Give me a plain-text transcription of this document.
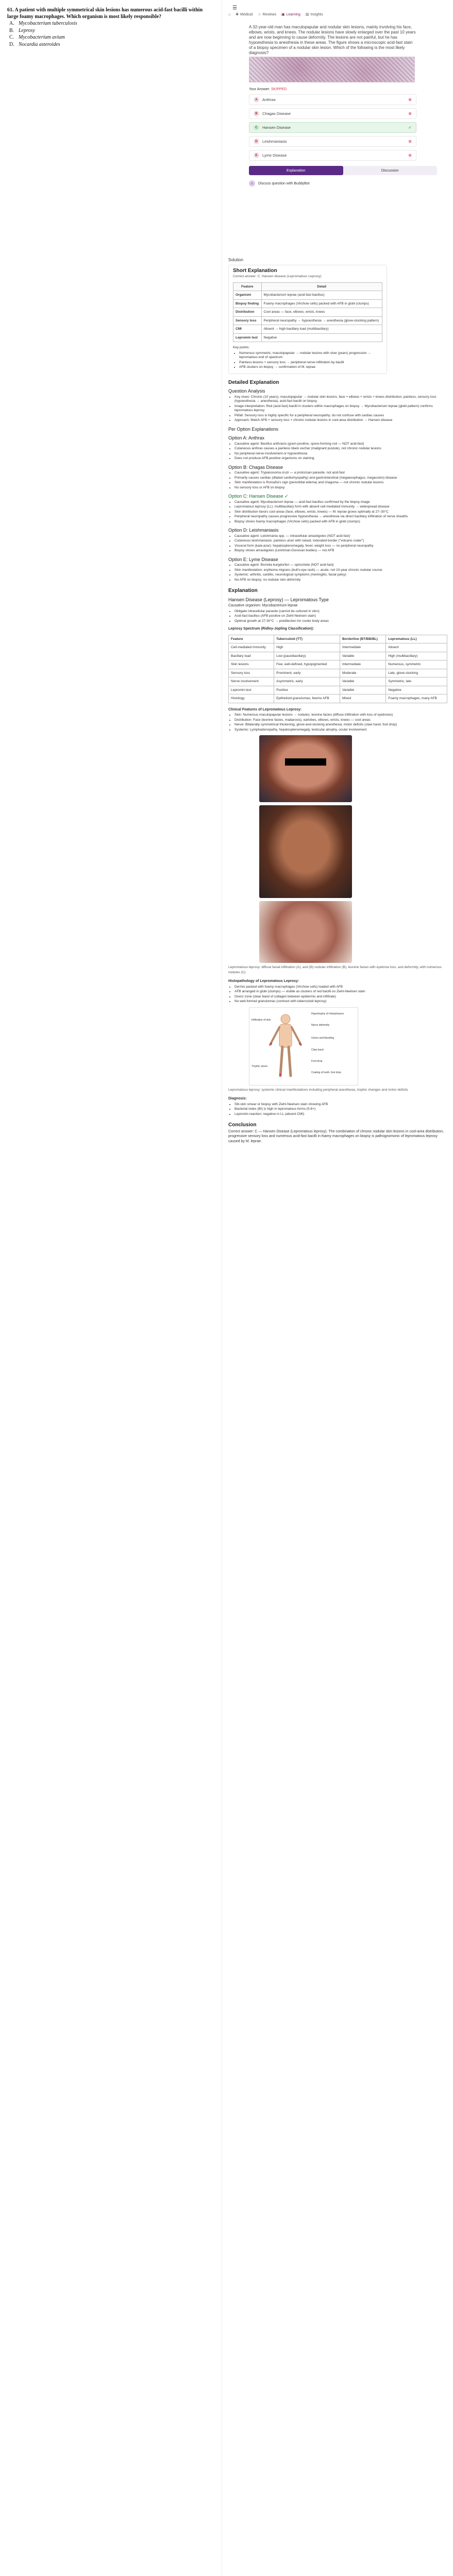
61. A patient with multiple symmetrical skin lesions has numerous acid-fast bacilli within large foamy macrophages. Which organism is most likely responsible?
A. Mycobacterium tuberculosis
B. Leprosy
C. Mycobacterium avium
D. Nocardia asteroides
☰
⌂ ✚ Medical ☆ Reviews ▣ Learning ▤ Insights
A 32-year-old man has maculopapular and nodular skin lesions, mainly involving his face, elbows, wrists, and knees. The nodular lesions have slowly enlarged over the past 10 years and are now beginning to cause deformity. The lesions are not painful, but he has hypoesthesia to anesthesia in these areas. The figure shows a microscopic acid-fast stain of a biopsy specimen of a nodular skin lesion. Which of the following is the most likely diagnosis?
Your Answer: SKIPPED
A	Anthrax	⊗
B	Chagas Disease	⊗
C	Hansen Disease	✓
D	Leishmaniasis	⊗
E	Lyme Disease	⊗
Explanation	Discussion
☺	Discuss question with BuddyBot
Solution
Short Explanation
Correct answer: C. Hansen disease (Lepromatous Leprosy)
Feature	Detail
Organism	Mycobacterium leprae (acid-fast bacillus)
Biopsy finding	Foamy macrophages (Virchow cells) packed with AFB in globi (clumps)
Distribution	Cool areas — face, elbows, wrists, knees
Sensory loss	Peripheral neuropathy → hypoesthesia → anesthesia (glove-stocking pattern)
CMI	Absent → high bacillary load (multibacillary)
Lepromin test	Negative
Key points:
• Numerous symmetric, maculopapular → nodular lesions with slow (years) progression → lepromatous end of spectrum
• Painless lesions + sensory loss → peripheral nerve infiltration by bacilli
• AFB clusters on biopsy → confirmation of M. leprae
Detailed Explanation
Question Analysis
• Key clues: Chronic (10 years), maculopapular → nodular skin lesions, face + elbows + wrists + knees distribution, painless, sensory loss (hypoesthesia → anesthesia), acid-fast bacilli on biopsy
• Image interpretation: Red (acid-fast) bacilli in clusters within macrophages on biopsy → Mycobacterium leprae (globi pattern) confirms lepromatous leprosy
• Pitfall: Sensory loss is highly specific for a peripheral neuropathy; do not confuse with cardiac causes
• Approach: Match AFB + sensory loss + chronic nodular lesions in cool-area distribution → Hansen disease
Per Option Explanations
Option A: Anthrax
• Causative agent: Bacillus anthracis (gram-positive, spore-forming rod — NOT acid-fast)
• Cutaneous anthrax causes a painless black eschar (malignant pustule), not chronic nodular lesions
• No peripheral nerve involvement or hypoesthesia
• Does not produce AFB-positive organisms on staining
Option B: Chagas Disease
• Causative agent: Trypanosoma cruzi — a protozoan parasite, not acid-fast
• Primarily causes cardiac (dilated cardiomyopathy) and gastrointestinal (megaesophagus, megacolon) disease
• Skin manifestation is Romaña's sign (periorbital edema) and chagoma — not chronic nodular lesions
• No sensory loss or AFB on biopsy
Option C: Hansen Disease ✓
• Causative agent: Mycobacterium leprae — acid-fast bacillus confirmed by the biopsy image
• Lepromatous leprosy (LL): multibacillary form with absent cell-mediated immunity → widespread disease
• Skin distribution favors cool areas (face, elbows, wrists, knees) — M. leprae grows optimally at 27–30°C
• Peripheral neuropathy causes progressive hypoesthesia → anesthesia via direct bacillary infiltration of nerve sheaths
• Biopsy shows foamy macrophages (Virchow cells) packed with AFB in globi (clumps)
Option D: Leishmaniasis
• Causative agent: Leishmania spp. — intracellular amastigotes (NOT acid-fast)
• Cutaneous leishmaniasis: painless ulcer with raised, indurated border ("volcano crater")
• Visceral form (kala-azar): hepatosplenomegaly, fever, weight loss — no peripheral neuropathy
• Biopsy shows amastigotes (Leishman-Donovan bodies) — not AFB
Option E: Lyme Disease
• Causative agent: Borrelia burgdorferi — spirochete (NOT acid-fast)
• Skin manifestation: erythema migrans (bull's-eye rash) — acute, not 10-year chronic nodular course
• Systemic: arthritis, carditis, neurological symptoms (meningitis, facial palsy)
• No AFB on biopsy; no nodular skin deformity
Explanation
Hansen Disease (Leprosy) — Lepromatous Type
Causative organism: Mycobacterium leprae
• Obligate intracellular parasite (cannot be cultured in vitro)
• Acid-fast bacillus (AFB positive on Ziehl-Neelsen stain)
• Optimal growth at 27-30°C → predilection for cooler body areas
Leprosy Spectrum (Ridley-Jopling Classification):
Feature	Tuberculoid (TT)	Borderline (BT/BB/BL)	Lepromatous (LL)
Cell-mediated immunity	High	Intermediate	Absent
Bacillary load	Low (paucibacillary)	Variable	High (multibacillary)
Skin lesions	Few, well-defined, hypopigmented	Intermediate	Numerous, symmetric
Sensory loss	Prominent, early	Moderate	Late, glove-stocking
Nerve involvement	Asymmetric, early	Variable	Symmetric, late
Lepromin test	Positive	Variable	Negative
Histology	Epithelioid granulomas, few/no AFB	Mixed	Foamy macrophages, many AFB
Clinical Features of Lepromatous Leprosy:
• Skin: Numerous maculopapular lesions → nodules; leonine facies (diffuse infiltration with loss of eyebrows)
• Distribution: Face (leonine facies, madarosis), earlobes, elbows, wrists, knees — cool areas
• Nerve: Bilaterally symmetrical thickening; glove-and-stocking anesthesia; motor deficits (claw hand, foot drop)
• Systemic: Lymphadenopathy, hepatosplenomegaly, testicular atrophy, ocular involvement
Lepromatous leprosy: diffuse facial infiltration (A), and (B) nodular infiltration (B), leonine facies with eyebrow loss, and deformity, with numerous nodules (C)
Histopathology of Lepromatous Leprosy:
• Dermis packed with foamy macrophages (Virchow cells) loaded with AFB
• AFB arranged in globi (clumps) — visible as clusters of red bacilli on Ziehl-Neelsen stain
• Grenz zone (clear band of collagen between epidermis and infiltrate)
• No well-formed granulomas (contrast with tuberculoid leprosy)
Infiltration of skin
Hypertrophy of rhinopharynx
Nerve deformity
Ulcers and bleeding
Claw hand
Foot drop
Coating of tooth, foot drop
Trophic ulcers
Lepromatous leprosy: systemic clinical manifestations including peripheral anesthesia, trophic changes and motor deficits
Diagnosis:
• Slit-skin smear or biopsy with Ziehl-Neelsen stain showing AFB
• Bacterial index (BI) is high in lepromatous forms (5-6+)
• Lepromin reaction: negative in LL (absent CMI)
Conclusion
Correct answer: C — Hansen Disease (Lepromatous leprosy). The combination of chronic nodular skin lesions in cool-area distribution, progressive sensory loss and numerous acid-fast bacilli in foamy macrophages on biopsy is pathognomonic of lepromatous leprosy caused by M. leprae.
